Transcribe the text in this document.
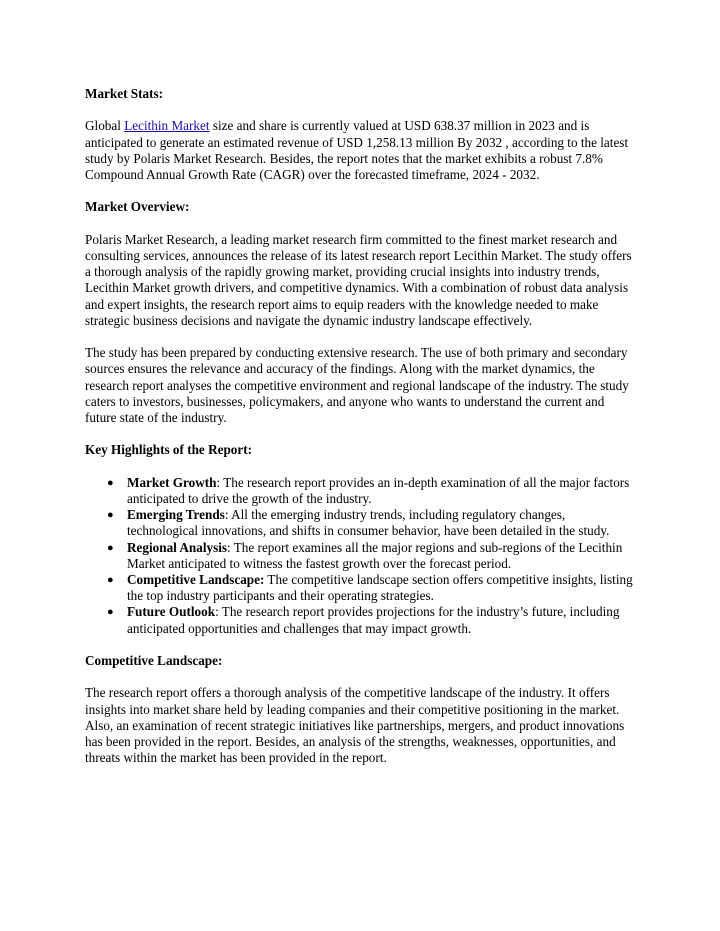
Market Stats:

Global Lecithin Market size and share is currently valued at USD 638.37 million in 2023 and is anticipated to generate an estimated revenue of USD 1,258.13 million By 2032 , according to the latest study by Polaris Market Research. Besides, the report notes that the market exhibits a robust 7.8% Compound Annual Growth Rate (CAGR) over the forecasted timeframe, 2024 - 2032.

Market Overview:

Polaris Market Research, a leading market research firm committed to the finest market research and consulting services, announces the release of its latest research report Lecithin Market. The study offers a thorough analysis of the rapidly growing market, providing crucial insights into industry trends, Lecithin Market growth drivers, and competitive dynamics. With a combination of robust data analysis and expert insights, the research report aims to equip readers with the knowledge needed to make strategic business decisions and navigate the dynamic industry landscape effectively.

The study has been prepared by conducting extensive research. The use of both primary and secondary sources ensures the relevance and accuracy of the findings. Along with the market dynamics, the research report analyses the competitive environment and regional landscape of the industry. The study caters to investors, businesses, policymakers, and anyone who wants to understand the current and future state of the industry.

Key Highlights of the Report:
● Market Growth: The research report provides an in-depth examination of all the major factors anticipated to drive the growth of the industry.
● Emerging Trends: All the emerging industry trends, including regulatory changes, technological innovations, and shifts in consumer behavior, have been detailed in the study.
● Regional Analysis: The report examines all the major regions and sub-regions of the Lecithin Market anticipated to witness the fastest growth over the forecast period.
● Competitive Landscape: The competitive landscape section offers competitive insights, listing the top industry participants and their operating strategies.
● Future Outlook: The research report provides projections for the industry’s future, including anticipated opportunities and challenges that may impact growth.
Competitive Landscape:

The research report offers a thorough analysis of the competitive landscape of the industry. It offers insights into market share held by leading companies and their competitive positioning in the market. Also, an examination of recent strategic initiatives like partnerships, mergers, and product innovations has been provided in the report. Besides, an analysis of the strengths, weaknesses, opportunities, and threats within the market has been provided in the report.
